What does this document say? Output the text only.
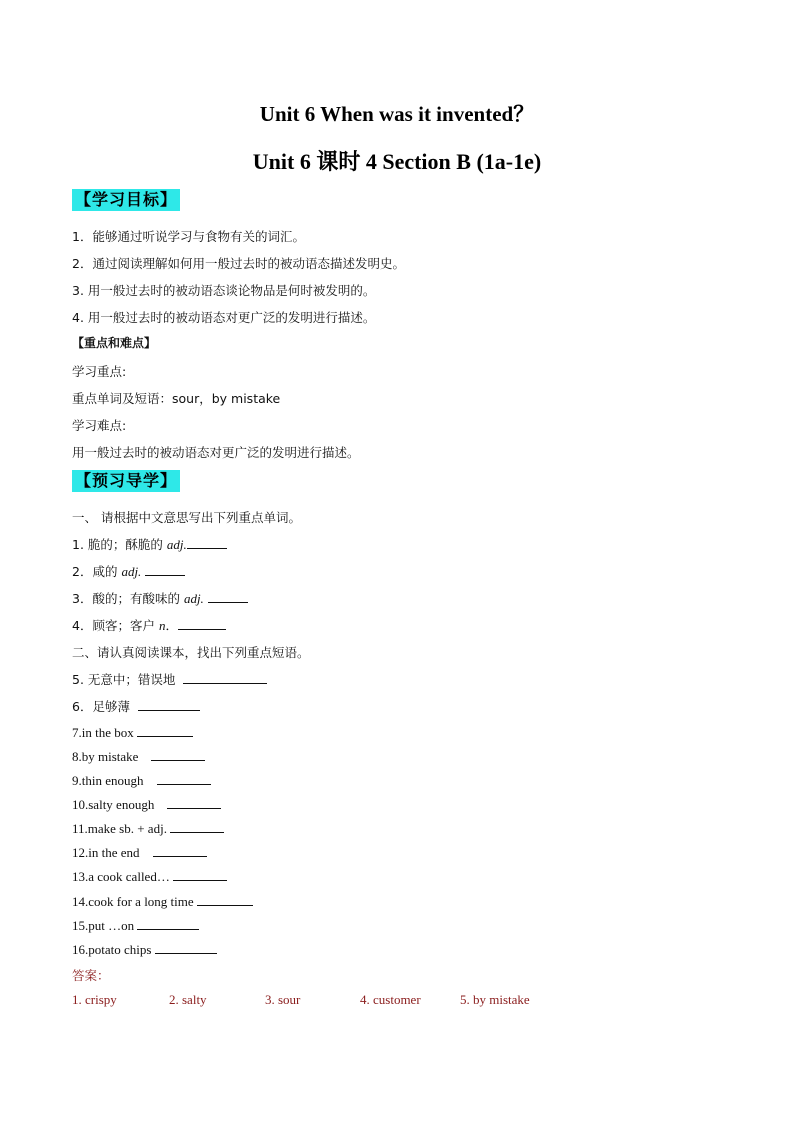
Unit 6 When was it invented？
Unit 6 课时 4 Section B (1a-1e)
【学习目标】
1．能够通过听说学习与食物有关的词汇。
2．通过阅读理解如何用一般过去时的被动语态描述发明史。
3. 用一般过去时的被动语态谈论物品是何时被发明的。
4. 用一般过去时的被动语态对更广泛的发明进行描述。
【重点和难点】
学习重点:
重点单词及短语：sour，by mistake
学习难点:
用一般过去时的被动语态对更广泛的发明进行描述。
【预习导学】
一、 请根据中文意思写出下列重点单词。
1. 脆的；酥脆的 adj.
2．咸的 adj.
3．酸的；有酸味的 adj.
4．顾客；客户 n．
二、请认真阅读课本，找出下列重点短语。
5. 无意中；错误地
6．足够薄
7.in the box
8.by mistake
9.thin enough
10.salty enough
11.make sb. + adj.
12.in the end
13.a cook called…
14.cook for a long time
15.put …on
16.potato chips
答案：
1. crispy	2. salty	3. sour	4. customer	5. by mistake
